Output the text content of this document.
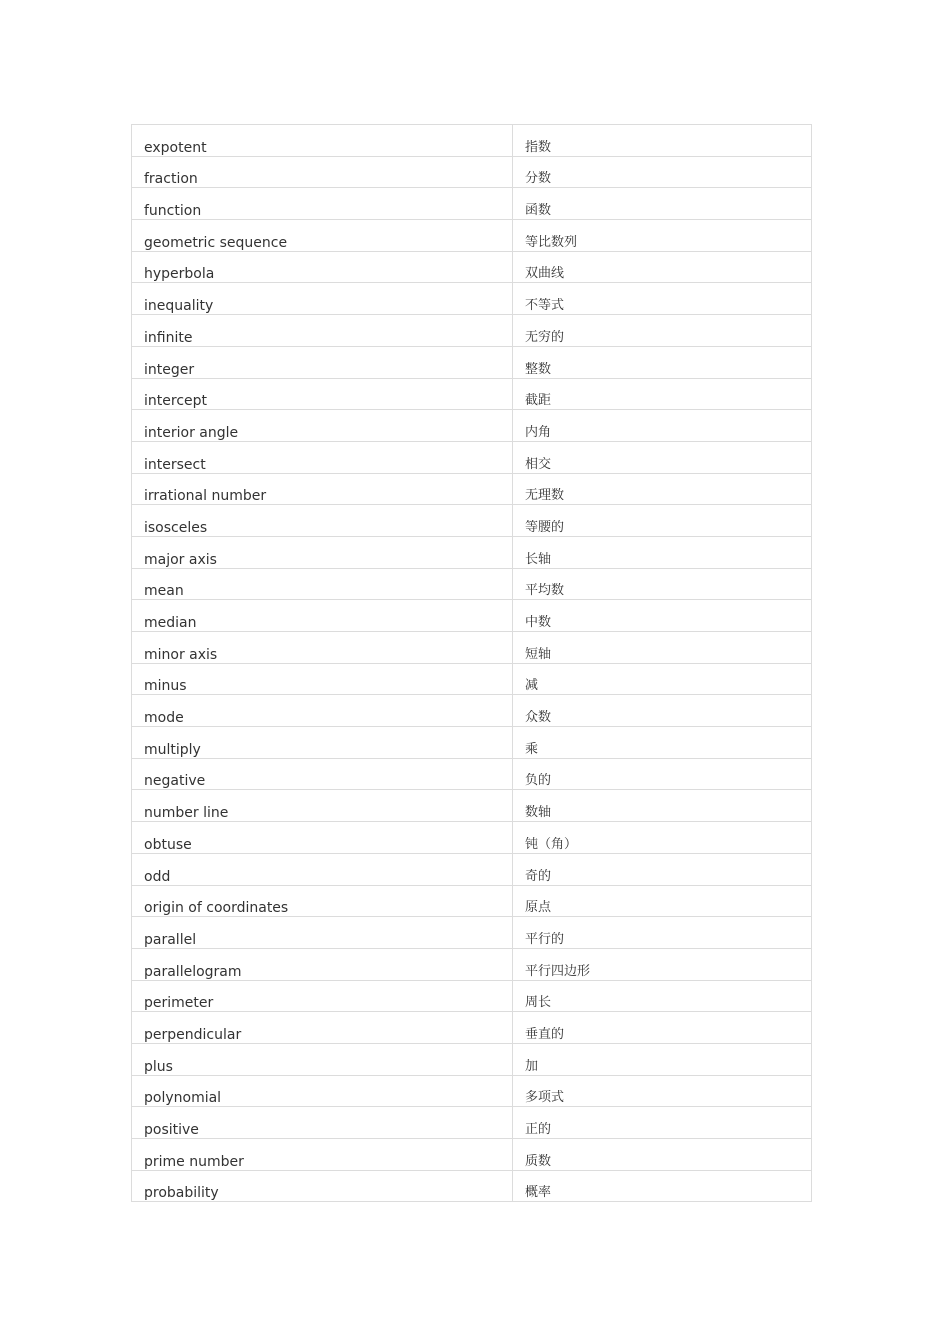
expotent	指数

fraction	分数

function	函数

geometric sequence	等比数列

hyperbola	双曲线

inequality	不等式

infinite	无穷的

integer	整数

intercept	截距

interior angle	内角

intersect	相交

irrational number	无理数

isosceles	等腰的

major axis	长轴

mean	平均数

median	中数

minor axis	短轴

minus	减

mode	众数

multiply	乘

negative	负的

number line	数轴

obtuse	钝（角）

odd	奇的

origin of coordinates	原点

parallel	平行的

parallelogram	平行四边形

perimeter	周长

perpendicular	垂直的

plus	加

polynomial	多项式

positive	正的

prime number	质数

probability	概率
